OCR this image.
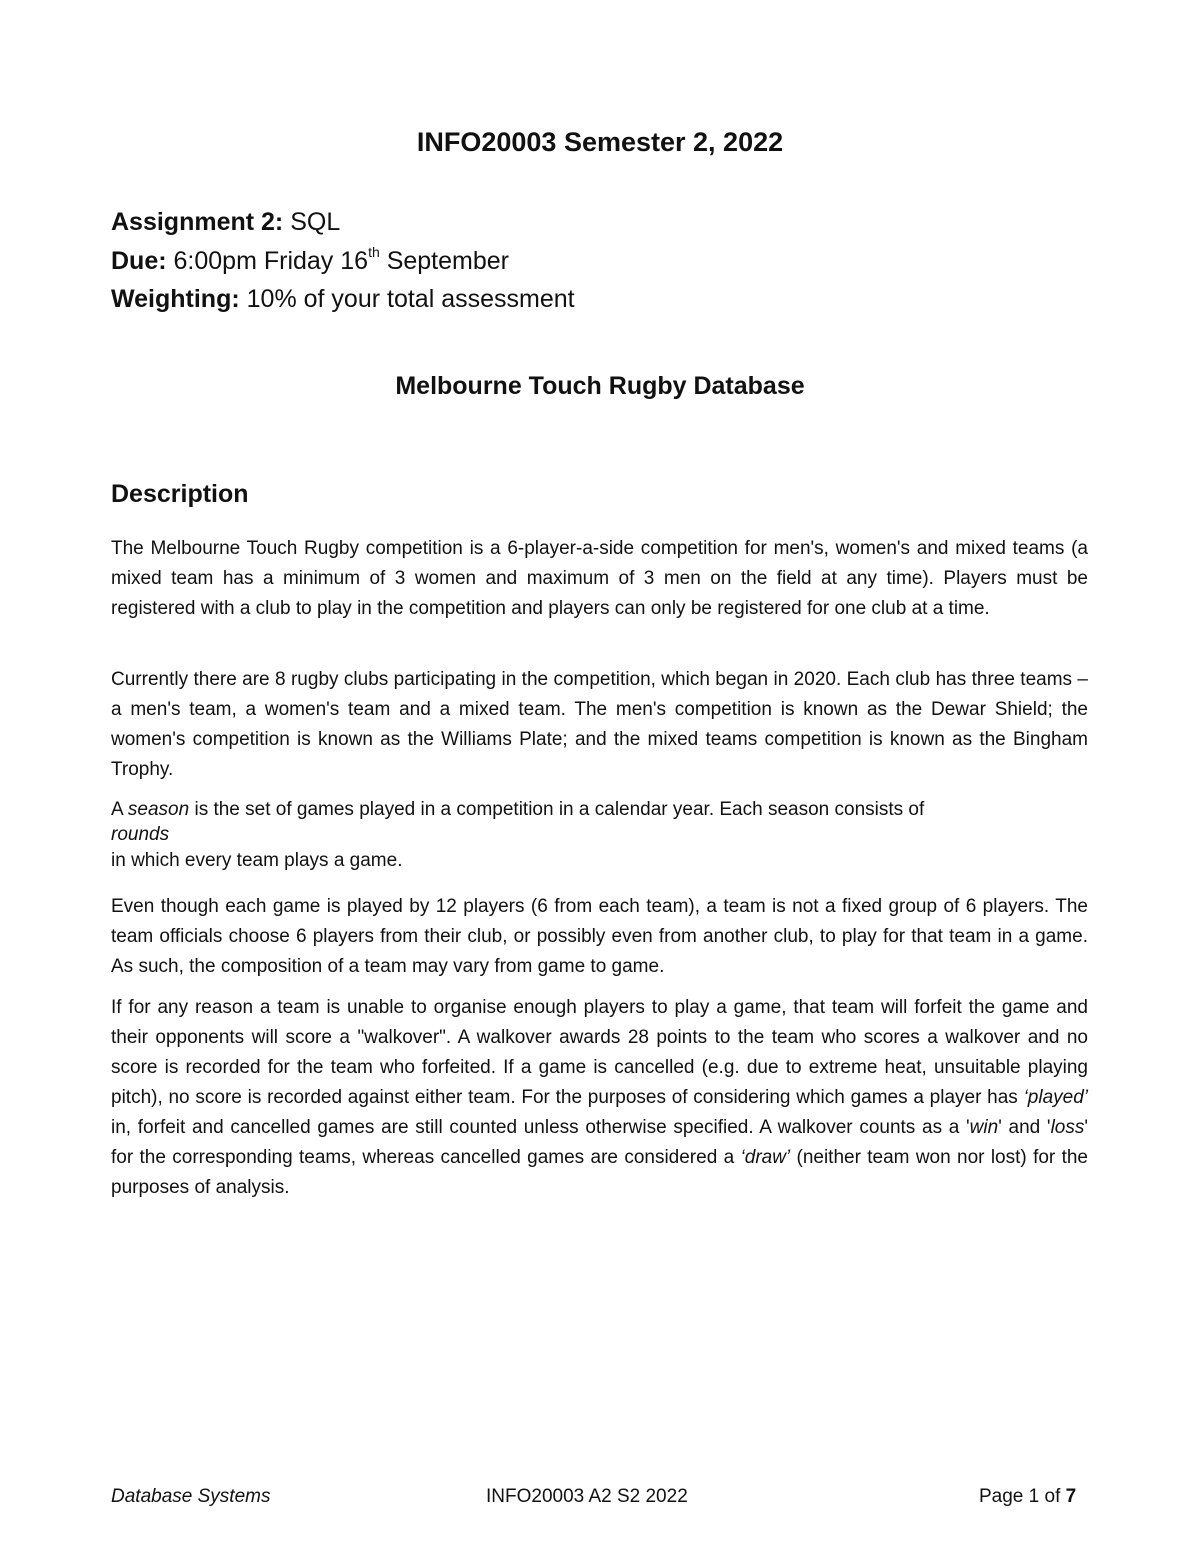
INFO20003 Semester 2, 2022

Assignment 2: SQL

Due: 6:00pm Friday 16th September

Weighting: 10% of your total assessment

Melbourne Touch Rugby Database
Description

The Melbourne Touch Rugby competition is a 6-player-a-side competition for men's, women's and mixed teams (a mixed team has a minimum of 3 women and maximum of 3 men on the field at any time). Players must be registered with a club to play in the competition and players can only be registered for one club at a time.

Currently there are 8 rugby clubs participating in the competition, which began in 2020. Each club has three teams – a men's team, a women's team and a mixed team. The men's competition is known as the Dewar Shield; the women's competition is known as the Williams Plate; and the mixed teams competition is known as the Bingham Trophy.

A season is the set of games played in a competition in a calendar year. Each season consists of

rounds
in which every team plays a game.

Even though each game is played by 12 players (6 from each team), a team is not a fixed group of 6 players. The team officials choose 6 players from their club, or possibly even from another club, to play for that team in a game. As such, the composition of a team may vary from game to game.

If for any reason a team is unable to organise enough players to play a game, that team will forfeit the game and their opponents will score a "walkover". A walkover awards 28 points to the team who scores a walkover and no score is recorded for the team who forfeited. If a game is cancelled (e.g. due to extreme heat, unsuitable playing pitch), no score is recorded against either team. For the purposes of considering which games a player has ‘played’ in, forfeit and cancelled games are still counted unless otherwise specified. A walkover counts as a 'win' and 'loss' for the corresponding teams, whereas cancelled games are considered a ‘draw’ (neither team won nor lost) for the purposes of analysis.

Database Systems	INFO20003 A2 S2 2022	Page 1 of 7
